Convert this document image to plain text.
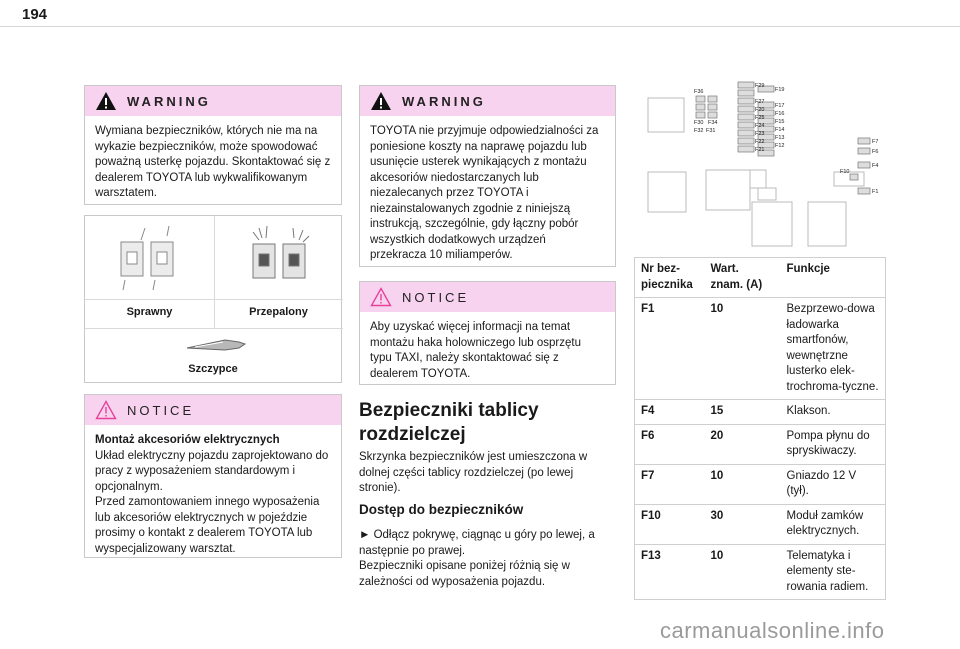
194
WARNING
Wymiana bezpieczników, których nie ma na wykazie bezpieczników, może spowodować poważną usterkę pojazdu. Skontaktować się z dealerem TOYOTA lub wykwalifikowanym warsztatem.
Sprawny	Przepalony
Szczypce
NOTICE
Montaż akcesoriów elektrycznych
Układ elektryczny pojazdu zaprojektowano do pracy z wyposażeniem standardowym i opcjonalnym.
Przed zamontowaniem innego wyposażenia lub akcesoriów elektrycznych w pojeździe prosimy o kontakt z dealerem TOYOTA lub wyspecjalizowany warsztat.
WARNING
TOYOTA nie przyjmuje odpowiedzialności za poniesione koszty na naprawę pojazdu lub usunięcie usterek wynikających z montażu akcesoriów niedostarczanych lub niezalecanych przez TOYOTA i niezainstalowanych zgodnie z niniejszą instrukcją, szczególnie, gdy łączny pobór wszystkich dodatkowych urządzeń przekracza 10 miliamperów.
NOTICE
Aby uzyskać więcej informacji na temat montażu haka holowniczego lub osprzętu typu TAXI, należy skontaktować się z dealerem TOYOTA.
Bezpieczniki tablicy rozdzielczej
Skrzynka bezpieczników jest umieszczona w dolnej części tablicy rozdzielczej (po lewej stronie).
Dostęp do bezpieczników
► Odłącz pokrywę, ciągnąc u góry po lewej, a następnie po prawej.
Bezpieczniki opisane poniżej różnią się w zależności od wyposażenia pojazdu.
F36
F30 F34
F32 F31
F29
F19
F27
F20
F17
F25
F16
F24
F15
F23
F14
F22
F13
F21
F12
F7
F6
F4
F10
F1
Nr bez-piecznika	Wart. znam. (A)	Funkcje
F1	10	Bezprzewo-dowa ładowarka smartfonów, wewnętrzne lusterko elek-trochroma-tyczne.
F4	15	Klakson.
F6	20	Pompa płynu do spryskiwaczy.
F7	10	Gniazdo 12 V (tył).
F10	30	Moduł zamków elektrycznych.
F13	10	Telematyka i elementy ste-rowania radiem.
carmanualsonline.info
